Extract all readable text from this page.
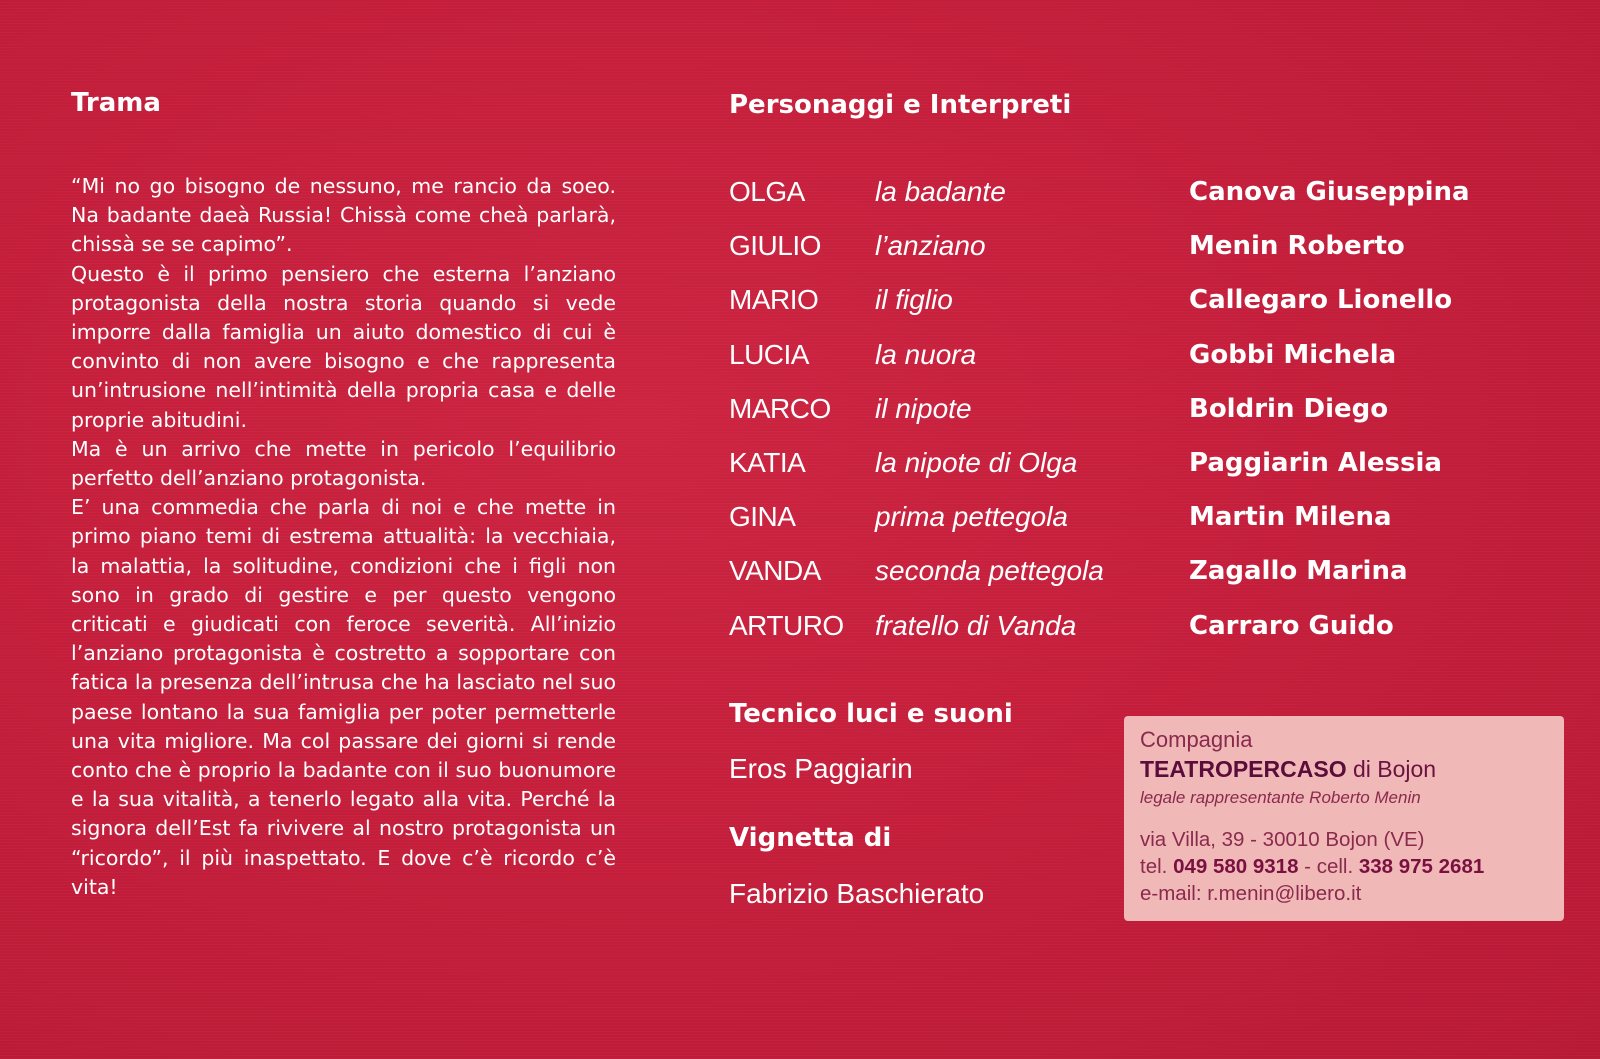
Trama

“Mi no go bisogno de nessuno, me rancio da soeo. Na badante daeà Russia! Chissà come cheà parlarà, chissà se se capimo”.

Questo è il primo pensiero che esterna l’anziano protagonista della nostra storia quando si vede imporre dalla famiglia un aiuto domestico di cui è convinto di non avere bisogno e che rappresenta un’intrusione nell’intimità della propria casa e delle proprie abitudini.

Ma è un arrivo che mette in pericolo l’equilibrio perfetto dell’anziano protagonista.

E’ una commedia che parla di noi e che mette in primo piano temi di estrema attualità: la vecchiaia, la malattia, la solitudine, condizioni che i figli non sono in grado di gestire e per questo vengono criticati e giudicati con feroce severità. All’inizio l’anziano protagonista è costretto a sopportare con fatica la presenza dell’intrusa che ha lasciato nel suo paese lontano la sua famiglia per poter permetterle una vita migliore. Ma col passare dei giorni si rende conto che è proprio la badante con il suo buonumore e la sua vitalità, a tenerlo legato alla vita. Perché la signora dell’Est fa rivivere al nostro protagonista un “ricordo”, il più inaspettato. E dove c’è ricordo c’è vita!

Personaggi e Interpreti
OLGA	la badante	Canova Giuseppina
GIULIO l’anziano	Menin Roberto
MARIO il figlio	Callegaro Lionello
LUCIA la nuora	Gobbi Michela
MARCO il nipote	Boldrin Diego
KATIA la nipote di Olga	Paggiarin Alessia
GINA	prima pettegola	Martin Milena
VANDA seconda pettegola	Zagallo Marina
ARTURO fratello di Vanda	Carraro Guido
Tecnico luci e suoni
Eros Paggiarin
Vignetta di
Fabrizio Baschierato
Compagnia
TEATROPERCASO di Bojon
legale rappresentante Roberto Menin
via Villa, 39 - 30010 Bojon (VE)
tel. 049 580 9318 - cell. 338 975 2681
e-mail: r.menin@libero.it
